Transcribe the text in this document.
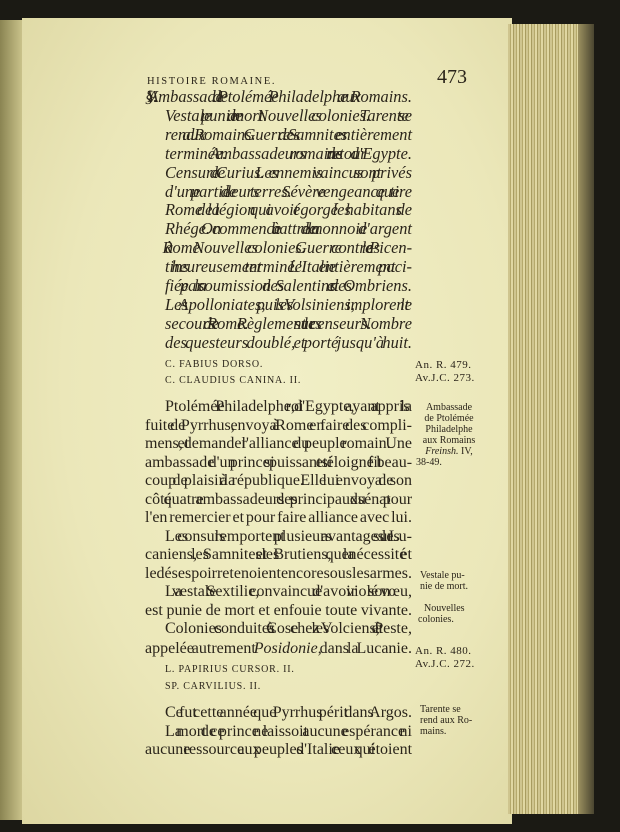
HISTOIRE ROMAINE.	473
§. V. Ambassade de Ptolémée Philadelphe aux Romains.
Vestale punie de mort. Nouvelles colonies. Tarente se
rend aux Romains. Guerre des Samnites entièrement
terminée. Ambassadeurs romains de retour d'Egypte.
Censure de Curius. Les ennemis vaincus sont privés
d'une partie de leurs terres. Sévère vengeance que tire
Rome de la légion qui avoit égorgé les habitans de
Rhége. On commence à battre de la monnoie d'argent
à Rome. Nouvelles colonies. Guerre contre les Picen-
tins heureusement terminée. L'Italie entièrement paci-
fiée par la soumission des Salentins et des Ombriens.
Les Apolloniates, puis les Volsiniens, implorent le
secours de Rome. Règlement sur les censeurs. Nombre
des questeurs doublé, et porté jusqu'à huit.
C. FABIUS DORSO.
C. CLAUDIUS CANINA. II.
An. R. 479.
Av.J.C. 273.
Ptolémée Philadelphe, roi d'Egypte, ayant appris la
fuite de Pyrrhus, envoya à Rome en faire des compli-
mens, et demander l'alliance du peuple romain. Une
ambassade d'un prince si puissant et si éloigné fit beau-
coup de plaisir à la république. Elle lui envoya de son
côté quatre ambassadeurs des principaux du sénat pour
l'en remercier et pour faire alliance avec lui.
Les consuls remportent plusieurs avantages sur les Lu-
caniens, les Samnites et les Brutiens, que la nécessité et
le désespoir retenoient encore sous les armes.
La vestale Sextilie, convaincue d'avoir violé son vœu,
est punie de mort et enfouie toute vivante.
Colonies conduites à Cose chez les Volciens, et à Peste,
L. PAPIRIUS CURSOR. II.
SP. CARVILIUS. II.
An. R. 480.
Av.J.C. 272.
Ce fut cette année que Pyrrhus périt dans Argos.
La mort de ce prince ne laissoit aucune espérance ni
aucune ressource aux peuples d'Italie : ceux qui étoient
appelée autrement Posidonie, dans la Lucanie.
Ambassade
de Ptolémée
Philadelphe
aux Romains
Freinsh. IV,
38-49.
Vestale pu-
nie de mort.
Nouvelles
colonies.
Tarente se
rend aux Ro-
mains.
